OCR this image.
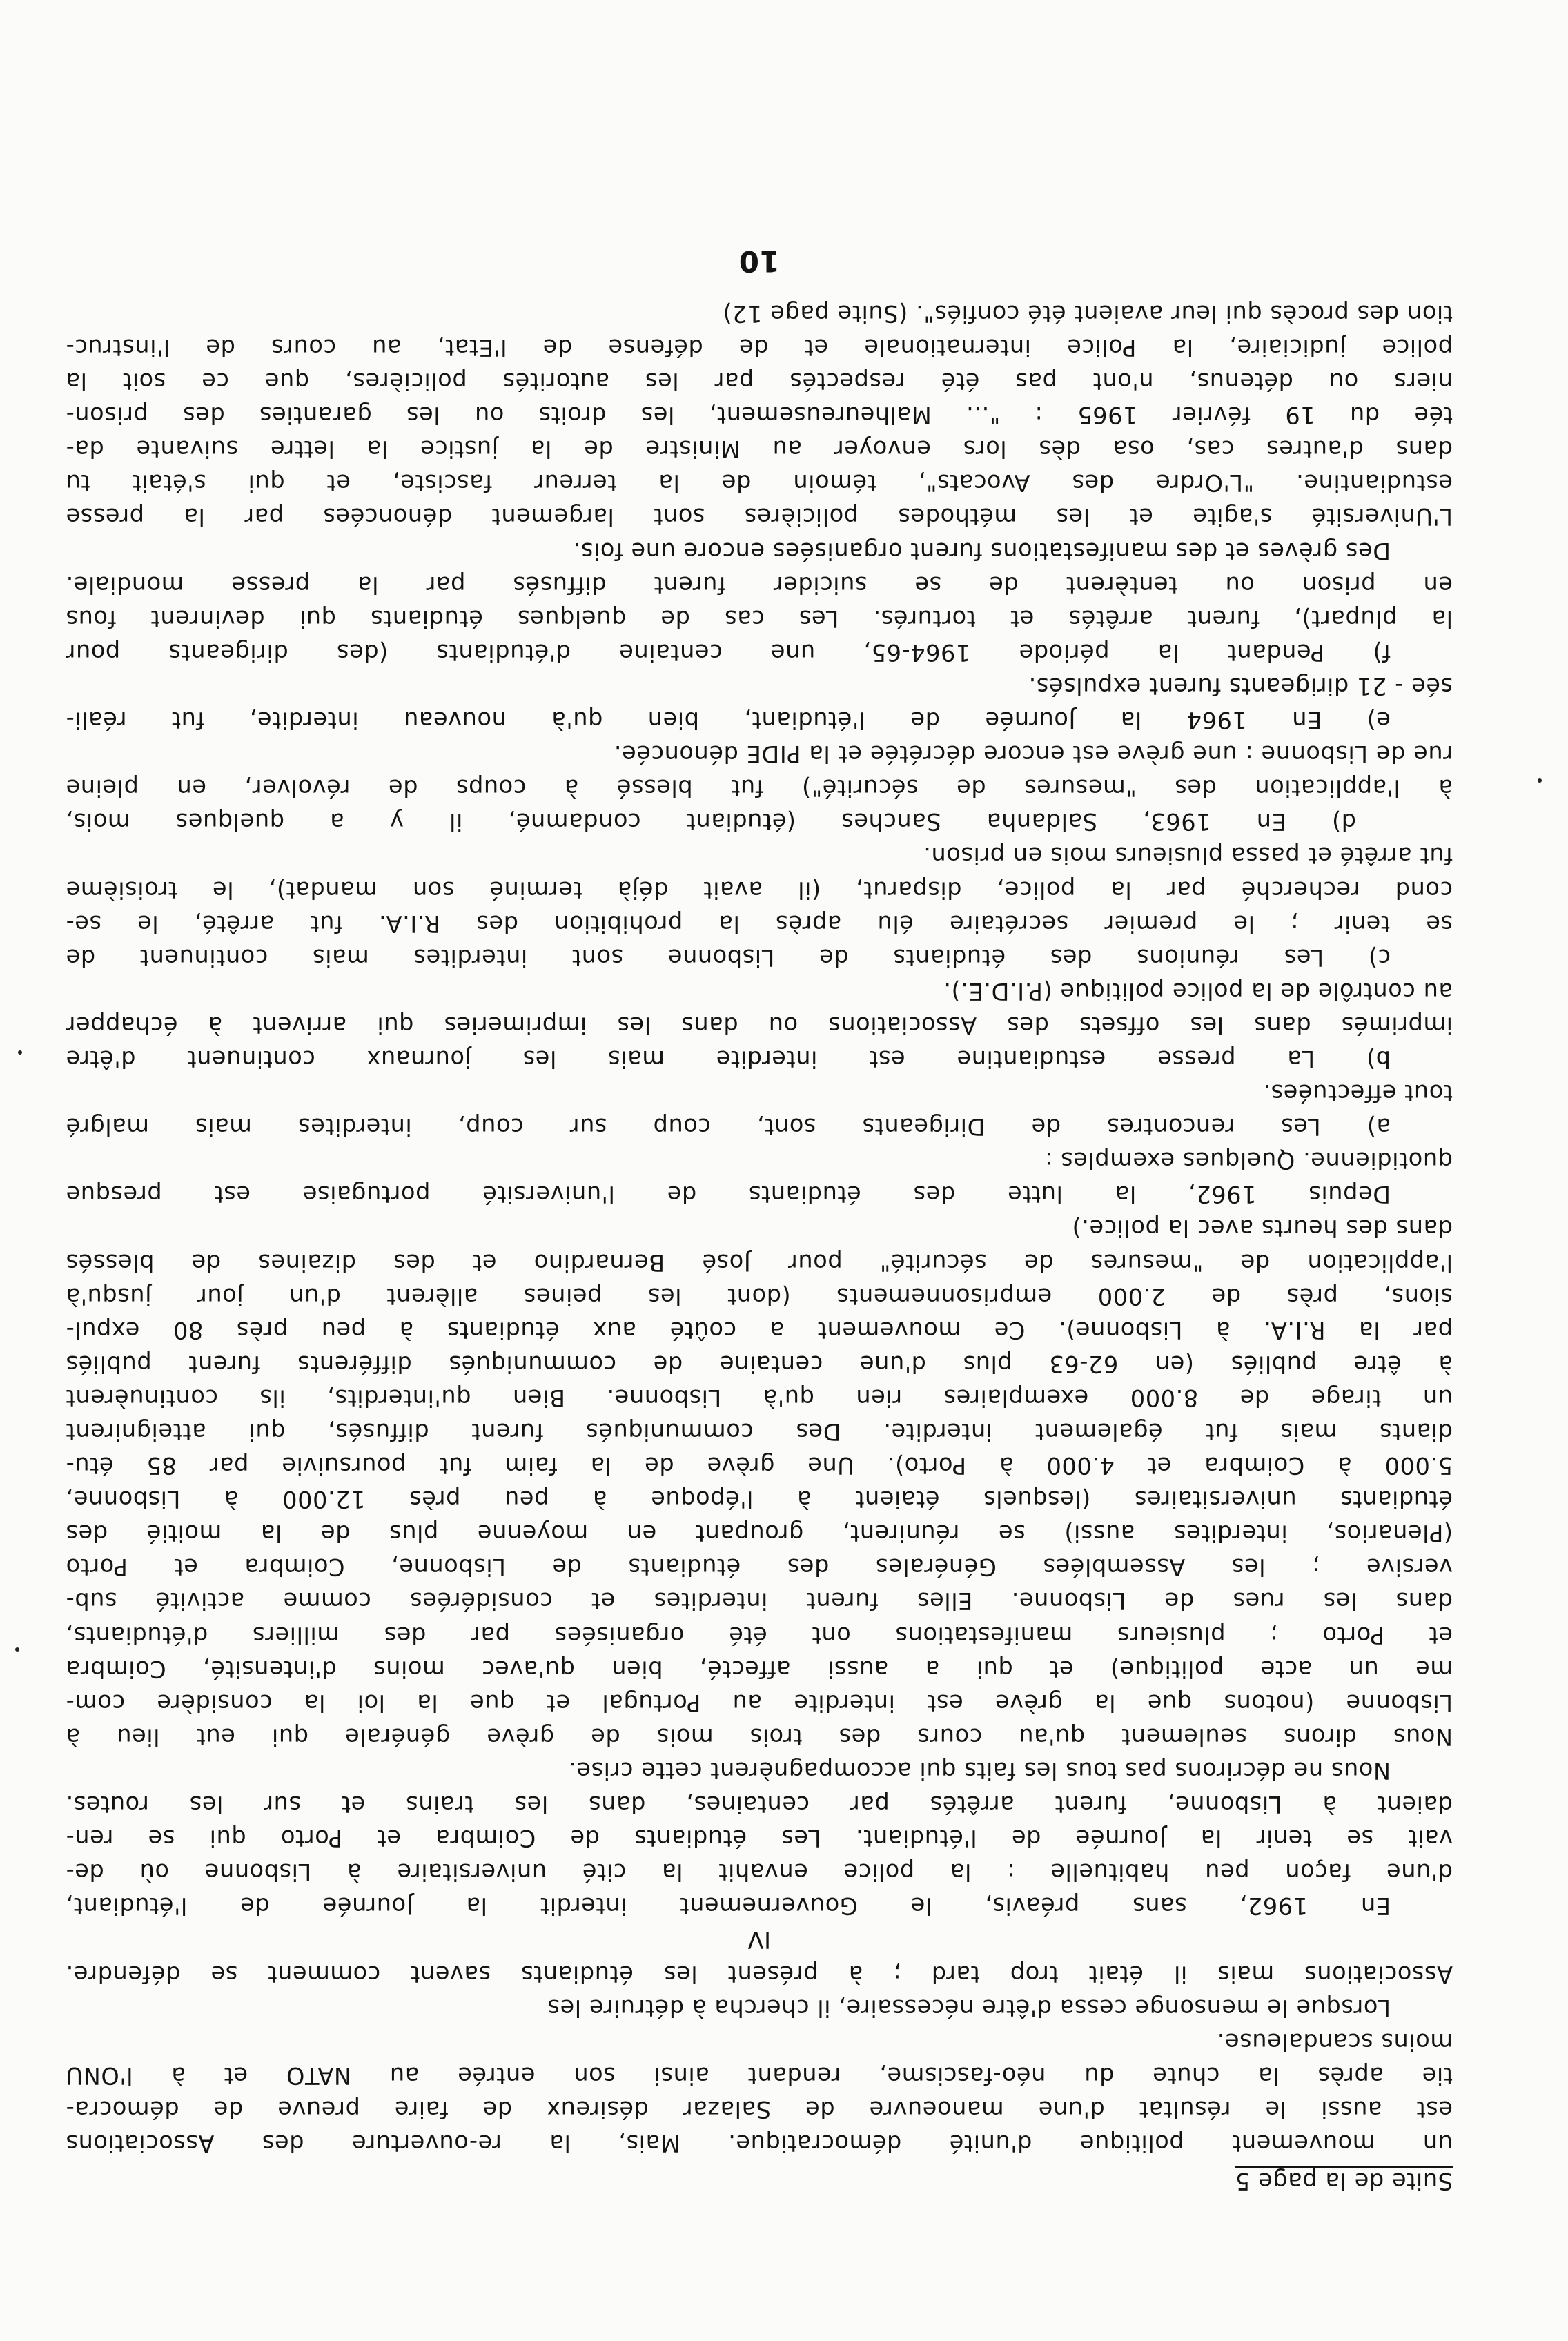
Suite de la page 5
un mouvement politique d'unité démocratique. Mais, la re-ouverture des Associations
est aussi le résultat d'une manoeuvre de Salazar désireux de faire preuve de démocra-
tie après la chute du néo-fascisme, rendant ainsi son entrée au NATO et à l'ONU
moins scandaleuse.
Lorsque le mensonge cessa d'être nécessaire, il chercha à détruire les
Associations mais il était trop tard ; à présent les étudiants savent comment se défendre.
IV
En 1962, sans préavis, le Gouvernement interdit la Journée de l'étudiant,
d'une façon peu habituelle : la police envahit la cité universitaire à Lisbonne où de-
vait se tenir la Journée de l'étudiant. Les étudiants de Coimbra et Porto qui se ren-
daient à Lisbonne, furent arrêtés par centaines, dans les trains et sur les routes.
Nous ne décrirons pas tous les faits qui accompagnèrent cette crise.
Nous dirons seulement qu'au cours des trois mois de grève générale qui eut lieu à
Lisbonne (notons que la grève est interdite au Portugal et que la loi la considère com-
me un acte politique) et qui a aussi affecté, bien qu'avec moins d'intensité, Coimbra
et Porto ; plusieurs manifestations ont été organisées par des milliers d'étudiants,
dans les rues de Lisbonne. Elles furent interdites et considérées comme activité sub-
versive ; les Assemblées Générales des étudiants de Lisbonne, Coimbra et Porto
(Plenarios, interdites aussi) se réunirent, groupant en moyenne plus de la moitié des
étudiants universitaires (lesquels étaient à l'époque à peu près 12.000 à Lisbonne,
5.000 à Coimbra et 4.000 à Porto). Une grève de la faim fut poursuivie par 85 étu-
diants mais fut également interdite. Des communiqués furent diffusés, qui atteignirent
un tirage de 8.000 exemplaires rien qu'à Lisbonne. Bien qu'interdits, ils continuèrent
à être publiés (en 62-63 plus d'une centaine de communiqués différents furent publiés
par la R.I.A. à Lisbonne). Ce mouvement a coûté aux étudiants à peu près 80 expul-
sions, près de 2.000 emprisonnements (dont les peines allèrent d'un jour jusqu'à
l'application de "mesures de sécurité" pour José Bernardino et des dizaines de blessés
dans des heurts avec la police.)
Depuis 1962, la lutte des étudiants de l'université portugaise est presque
quotidienne. Quelques exemples :
a) Les rencontres de Dirigeants sont, coup sur coup, interdites mais malgré
tout effectuées.
b) La presse estudiantine est interdite mais les journaux continuent d'être
imprimés dans les offsets des Associations ou dans les imprimeries qui arrivent à échapper
au contrôle de la police politique (P.I.D.E.).
c) Les réunions des étudiants de Lisbonne sont interdites mais continuent de
se tenir ; le premier secrétaire élu après la prohibition des R.I.A. fut arrêté, le se-
cond recherché par la police, disparut, (il avait déjà terminé son mandat), le troisième
fut arrêté et passa plusieurs mois en prison.
d) En 1963, Saldanha Sanches (étudiant condamné, il y a quelques mois,
à l'application des "mesures de sécurité") fut blessé à coups de révolver, en pleine
rue de Lisbonne : une grève est encore décrétée et la PIDE dénoncée.
e) En 1964 la Journée de l'étudiant, bien qu'à nouveau interdite, fut réali-
sée - 21 dirigeants furent expulsés.
f) Pendant la période 1964-65, une centaine d'étudiants (des dirigeants pour
la plupart), furent arrêtés et torturés. Les cas de quelques étudiants qui devinrent fous
en prison ou tentèrent de se suicider furent diffusés par la presse mondiale.
Des grèves et des manifestations furent organisées encore une fois.
L'Université s'agite et les méthodes policières sont largement dénoncées par la presse
estudiantine. "L'Ordre des Avocats", témoin de la terreur fasciste, et qui s'était tu
dans d'autres cas, osa dès lors envoyer au Ministre de la justice la lettre suivante da-
tée du 19 février 1965 : "... Malheureusement, les droits ou les garanties des prison-
niers ou détenus, n'ont pas été respectés par les autorités policières, que ce soit la
police judiciaire, la Police internationale et de défense de l'Etat, au cours de l'instruc-
tion des procès qui leur avaient été confiés". (Suite page 12)
10
